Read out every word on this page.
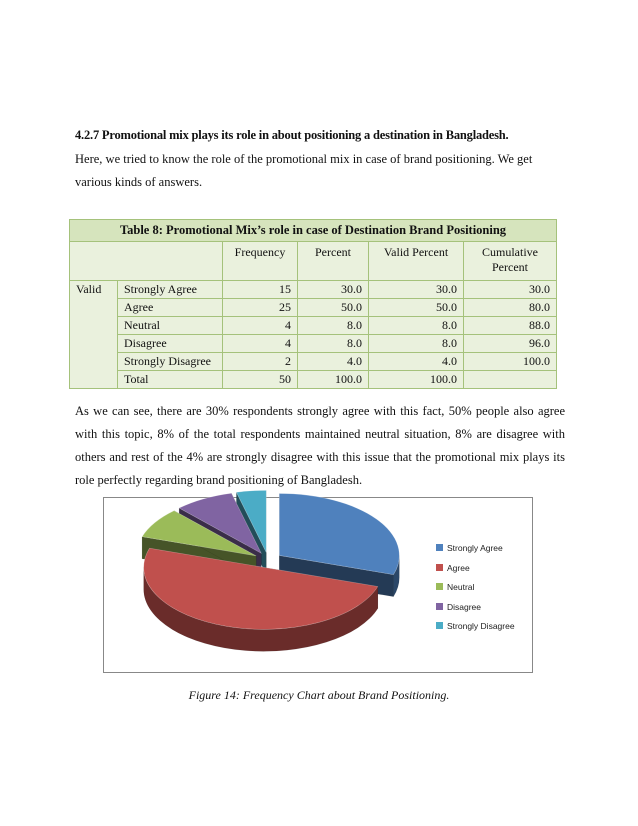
4.2.7 Promotional mix plays its role in about positioning a destination in Bangladesh.
Here, we tried to know the role of the promotional mix in case of brand positioning. We get various kinds of answers.
Table 8: Promotional Mix’s role in case of Destination Brand Positioning					
		Frequency	Percent	Valid Percent	Cumulative Percent
Valid	Strongly Agree	15	30.0	30.0	30.0
	Agree	25	50.0	50.0	80.0
	Neutral	4	8.0	8.0	88.0
	Disagree	4	8.0	8.0	96.0
	Strongly Disagree	2	4.0	4.0	100.0
	Total	50	100.0	100.0	
As we can see, there are 30% respondents strongly agree with this fact, 50% people also agree with this topic, 8% of the total respondents maintained neutral situation, 8% are disagree with others and rest of the 4% are strongly disagree with this issue that the promotional mix plays its role perfectly regarding brand positioning of Bangladesh.
Strongly Agree
Agree
Neutral
Disagree
Strongly Disagree
Figure 14: Frequency Chart about Brand Positioning.
